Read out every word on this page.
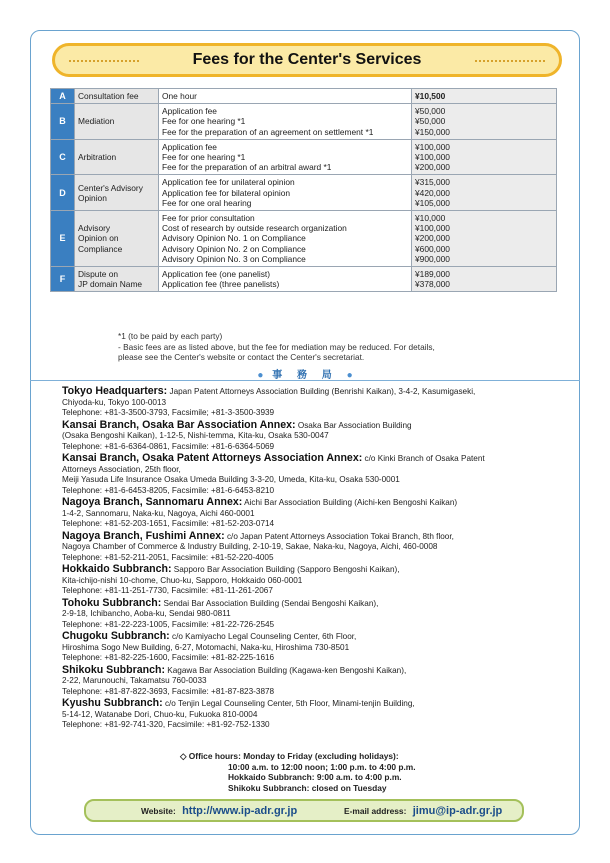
Fees for the Center's Services
A	Consultation fee	One hour	¥10,500

B	Mediation	Application fee
Fee for one hearing *1
Fee for the preparation of an agreement on settlement *1	¥50,000
¥50,000
¥150,000

C	Arbitration	Application fee
Fee for one hearing *1
Fee for the preparation of an arbitral award *1	¥100,000
¥100,000
¥200,000

D	Center's Advisory
Opinion	Application fee for unilateral opinion
Application fee for bilateral opinion
Fee for one oral hearing	¥315,000
¥420,000
¥105,000

E	Advisory
Opinion on
Compliance	Fee for prior consultation
Cost of research by outside research organization
Advisory Opinion No. 1 on Compliance
Advisory Opinion No. 2 on Compliance
Advisory Opinion No. 3 on Compliance	¥10,000
¥100,000
¥200,000
¥600,000
¥900,000

F	Dispute on
JP domain Name	Application fee (one panelist)
Application fee (three panelists)	¥189,000
¥378,000
*1 (to be paid by each party)
- Basic fees are as listed above, but the fee for mediation may be reduced. For details,
please see the Center's website or contact the Center's secretariat.
● 事 務 局 ●
Tokyo Headquarters: Japan Patent Attorneys Association Building (Benrishi Kaikan), 3-4-2, Kasumigaseki,
Chiyoda-ku, Tokyo 100-0013
Telephone: +81-3-3500-3793, Facsimile; +81-3-3500-3939
Kansai Branch, Osaka Bar Association Annex: Osaka Bar Association Building
(Osaka Bengoshi Kaikan), 1-12-5, Nishi-temma, Kita-ku, Osaka 530-0047
Telephone: +81-6-6364-0861, Facsimile: +81-6-6364-5069
Kansai Branch, Osaka Patent Attorneys Association Annex: c/o Kinki Branch of Osaka Patent
Attorneys Association, 25th floor,
Meiji Yasuda Life Insurance Osaka Umeda Building 3-3-20, Umeda, Kita-ku, Osaka 530-0001
Telephone: +81-6-6453-8205, Facsimile: +81-6-6453-8210
Nagoya Branch, Sannomaru Annex: Aichi Bar Association Building (Aichi-ken Bengoshi Kaikan)
1-4-2, Sannomaru, Naka-ku, Nagoya, Aichi 460-0001
Telephone: +81-52-203-1651, Facsimile: +81-52-203-0714
Nagoya Branch, Fushimi Annex: c/o Japan Patent Attorneys Association Tokai Branch, 8th floor,
Nagoya Chamber of Commerce & Industry Building, 2-10-19, Sakae, Naka-ku, Nagoya, Aichi, 460-0008
Telephone: +81-52-211-2051, Facsimile: +81-52-220-4005
Hokkaido Subbranch: Sapporo Bar Association Building (Sapporo Bengoshi Kaikan),
Kita-ichijo-nishi 10-chome, Chuo-ku, Sapporo, Hokkaido 060-0001
Telephone: +81-11-251-7730, Facsimile: +81-11-261-2067
Tohoku Subbranch: Sendai Bar Association Building (Sendai Bengoshi Kaikan),
2-9-18, Ichibancho, Aoba-ku, Sendai 980-0811
Telephone: +81-22-223-1005, Facsimile: +81-22-726-2545
Chugoku Subbranch: c/o Kamiyacho Legal Counseling Center, 6th Floor,
Hiroshima Sogo New Building, 6-27, Motomachi, Naka-ku, Hiroshima 730-8501
Telephone: +81-82-225-1600, Facsimile: +81-82-225-1616
Shikoku Subbranch: Kagawa Bar Association Building (Kagawa-ken Bengoshi Kaikan),
2-22, Marunouchi, Takamatsu 760-0033
Telephone: +81-87-822-3693, Facsimile: +81-87-823-3878
Kyushu Subbranch: c/o Tenjin Legal Counseling Center, 5th Floor, Minami-tenjin Building,
5-14-12, Watanabe Dori, Chuo-ku, Fukuoka 810-0004
Telephone: +81-92-741-320, Facsimile: +81-92-752-1330
◇ Office hours: Monday to Friday (excluding holidays):
10:00 a.m. to 12:00 noon; 1:00 p.m. to 4:00 p.m.
Hokkaido Subbranch: 9:00 a.m. to 4:00 p.m.
Shikoku Subbranch: closed on Tuesday
Website: http://www.ip-adr.gr.jp	E-mail address: jimu@ip-adr.gr.jp
